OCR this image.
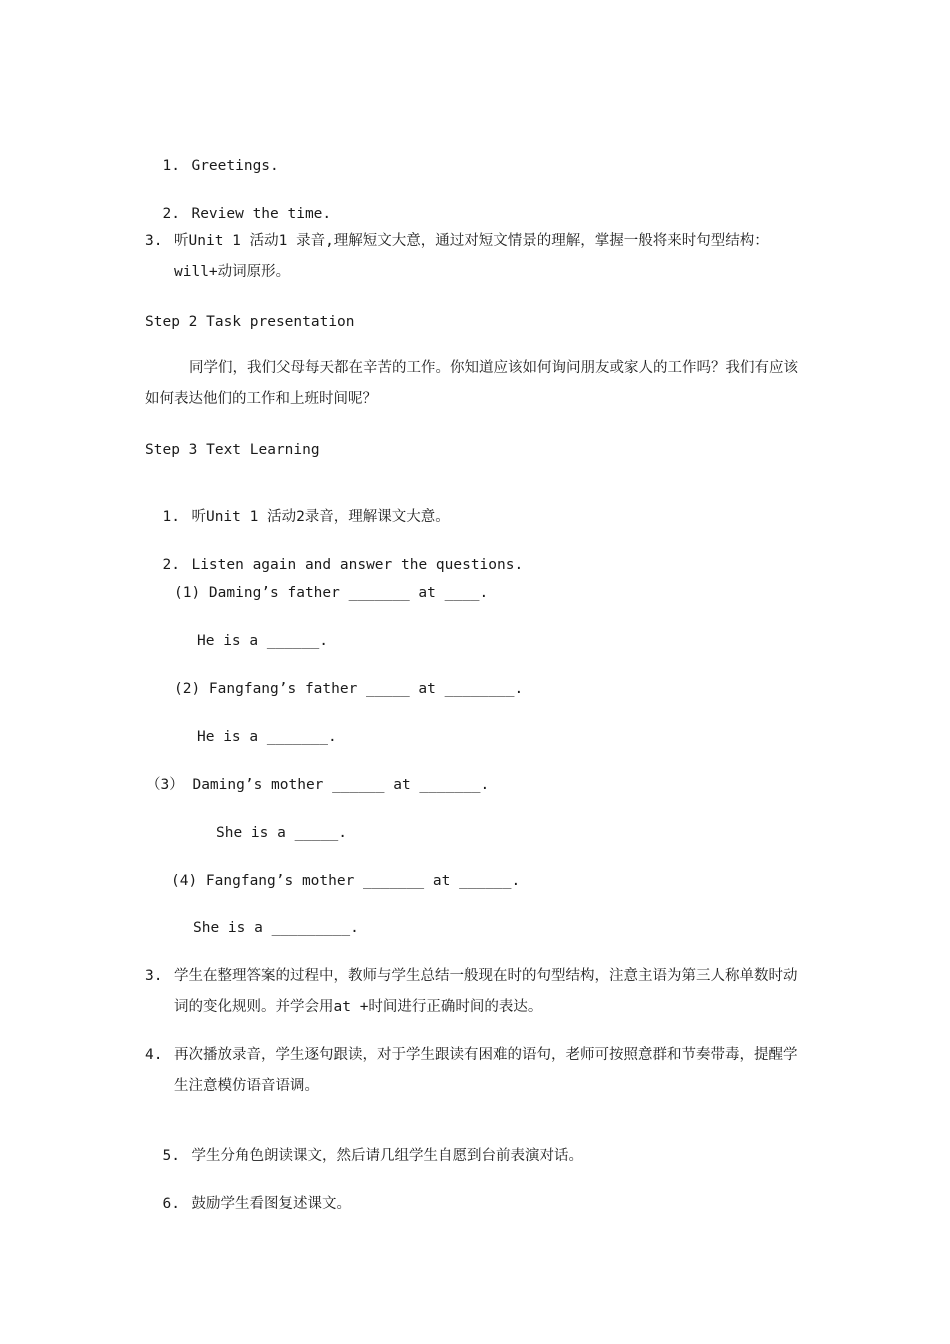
1. Greetings.

2. Review the time.

3. 听Unit 1 活动1 录音,理解短文大意，通过对短文情景的理解，掌握一般将来时句型结构：will+动词原形。
Step 2 Task presentation
同学们，我们父母每天都在辛苦的工作。你知道应该如何询问朋友或家人的工作吗？我们有应该如何表达他们的工作和上班时间呢？
Step 3 Text Learning

1. 听Unit 1 活动2录音，理解课文大意。

2. Listen again and answer the questions.

(1) Daming’s father _______ at ____.
He is a ______.
(2) Fangfang’s father _____ at ________.
He is a _______.
（3） Daming’s mother ______ at _______.
She is a _____.
(4) Fangfang’s mother _______ at ______.
She is a _________.
3. 学生在整理答案的过程中，教师与学生总结一般现在时的句型结构，注意主语为第三人称单数时动词的变化规则。并学会用at +时间进行正确时间的表达。
4. 再次播放录音，学生逐句跟读，对于学生跟读有困难的语句，老师可按照意群和节奏带毒，提醒学生注意模仿语音语调。

5. 学生分角色朗读课文，然后请几组学生自愿到台前表演对话。

6. 鼓励学生看图复述课文。
